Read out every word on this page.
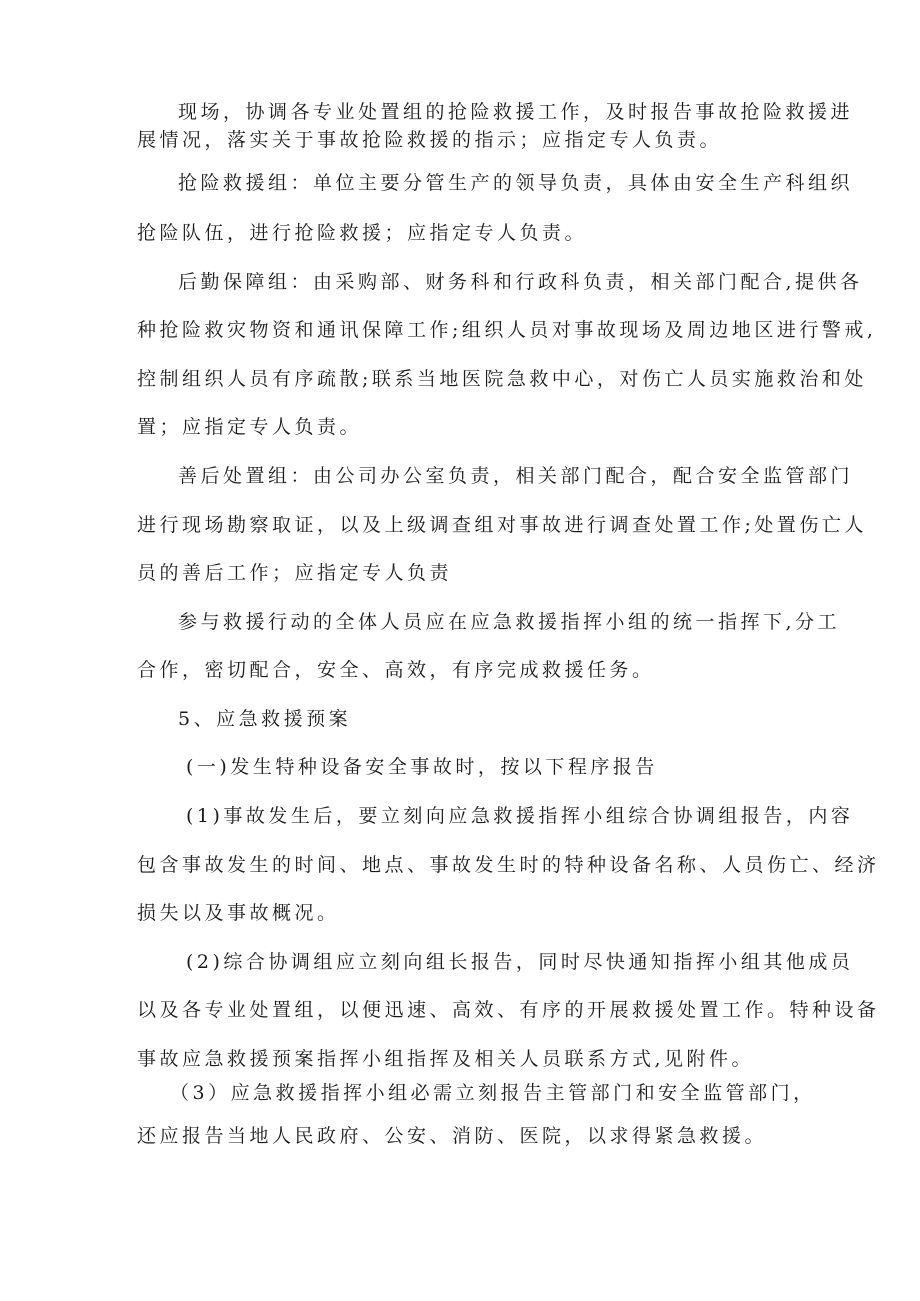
现场，协调各专业处置组的抢险救援工作，及时报告事故抢险救援进
展情况，落实关于事故抢险救援的指示；应指定专人负责。
抢险救援组：单位主要分管生产的领导负责，具体由安全生产科组织
抢险队伍，进行抢险救援；应指定专人负责。
后勤保障组：由采购部、财务科和行政科负责，相关部门配合,提供各
种抢险救灾物资和通讯保障工作;组织人员对事故现场及周边地区进行警戒,
控制组织人员有序疏散;联系当地医院急救中心，对伤亡人员实施救治和处
置；应指定专人负责。
善后处置组：由公司办公室负责，相关部门配合，配合安全监管部门
进行现场勘察取证，以及上级调查组对事故进行调查处置工作;处置伤亡人
员的善后工作；应指定专人负责
参与救援行动的全体人员应在应急救援指挥小组的统一指挥下,分工
合作，密切配合，安全、高效，有序完成救援任务。
5、应急救援预案
(一)发生特种设备安全事故时，按以下程序报告
(1)事故发生后，要立刻向应急救援指挥小组综合协调组报告，内容
包含事故发生的时间、地点、事故发生时的特种设备名称、人员伤亡、经济
损失以及事故概况。
(2)综合协调组应立刻向组长报告，同时尽快通知指挥小组其他成员
以及各专业处置组，以便迅速、高效、有序的开展救援处置工作。特种设备
事故应急救援预案指挥小组指挥及相关人员联系方式,见附件。
（3）应急救援指挥小组必需立刻报告主管部门和安全监管部门，
还应报告当地人民政府、公安、消防、医院，以求得紧急救援。
